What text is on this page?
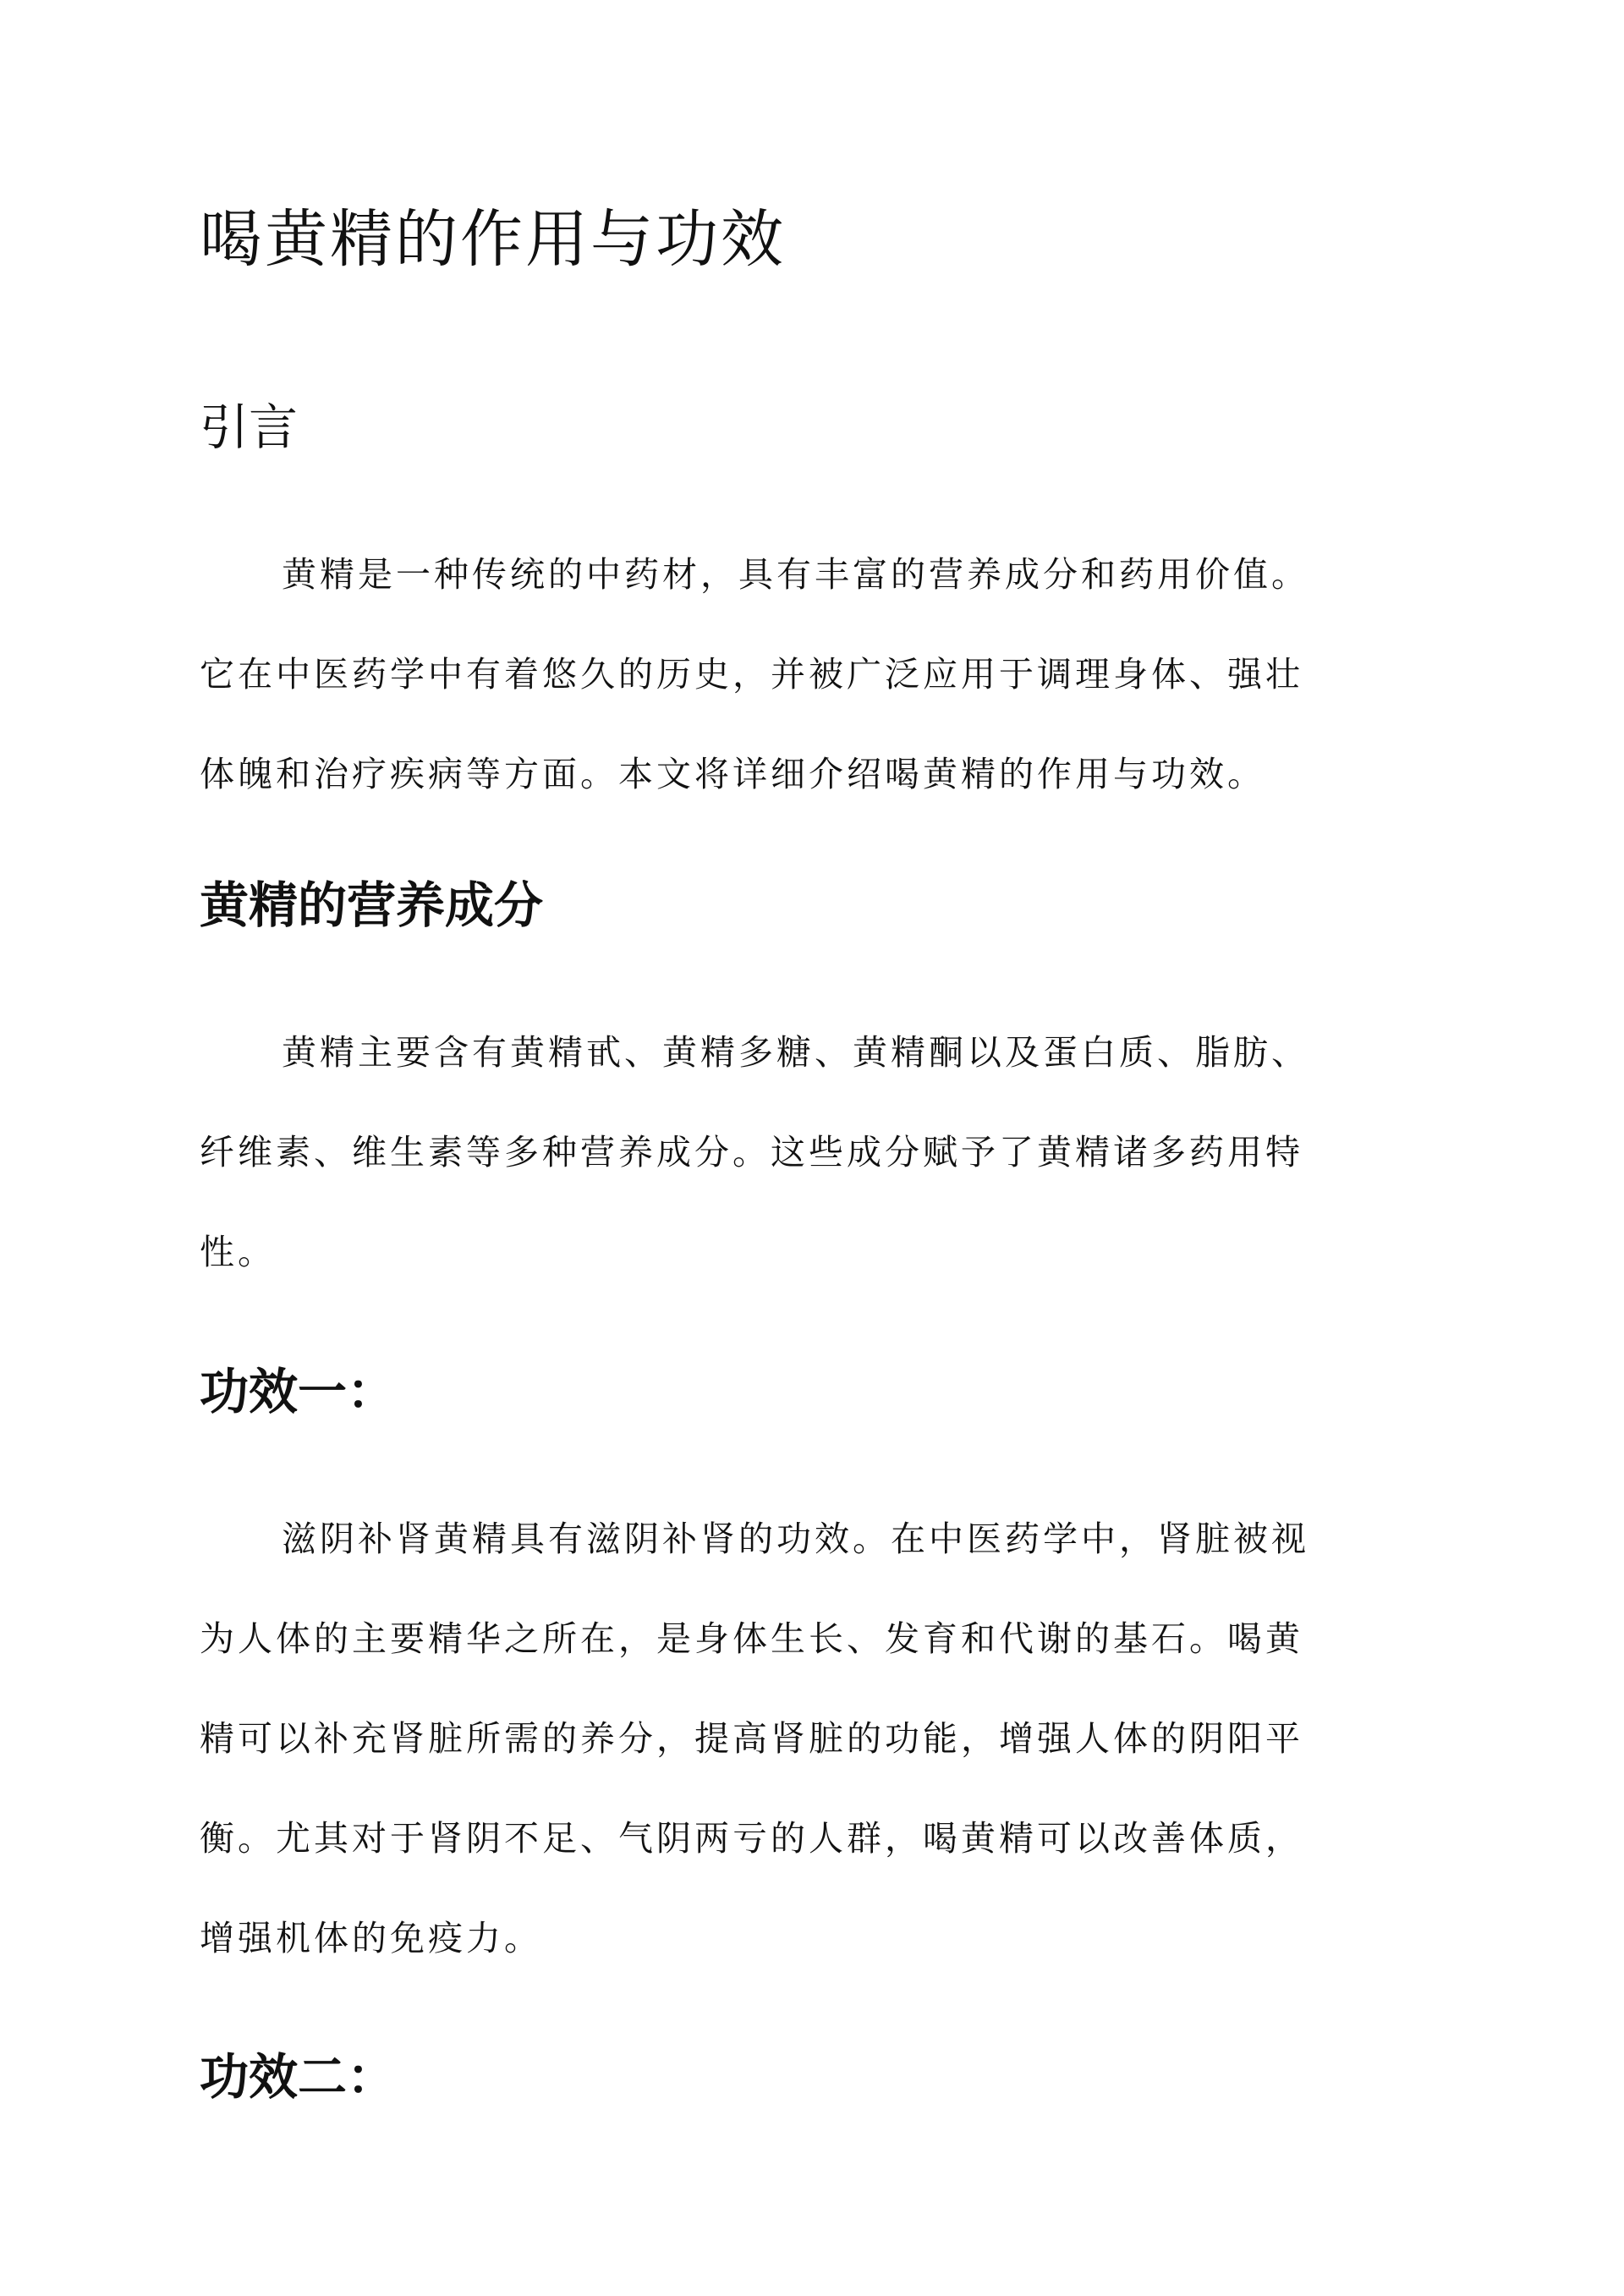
喝黄精的作用与功效
引言
黄精是一种传统的中药材，具有丰富的营养成分和药用价值。
它在中医药学中有着悠久的历史，并被广泛应用于调理身体、强壮
体魄和治疗疾病等方面。本文将详细介绍喝黄精的作用与功效。
黄精的营养成分
黄精主要含有黄精甙、黄精多糖、黄精酮以及蛋白质、脂肪、
纤维素、维生素等多种营养成分。这些成分赋予了黄精诸多药用特
性。
功效一：
滋阴补肾黄精具有滋阴补肾的功效。在中医药学中，肾脏被视
为人体的主要精华之所在，是身体生长、发育和代谢的基石。喝黄
精可以补充肾脏所需的养分，提高肾脏的功能，增强人体的阴阳平
衡。尤其对于肾阴不足、气阴两亏的人群，喝黄精可以改善体质，
增强机体的免疫力。
功效二：
